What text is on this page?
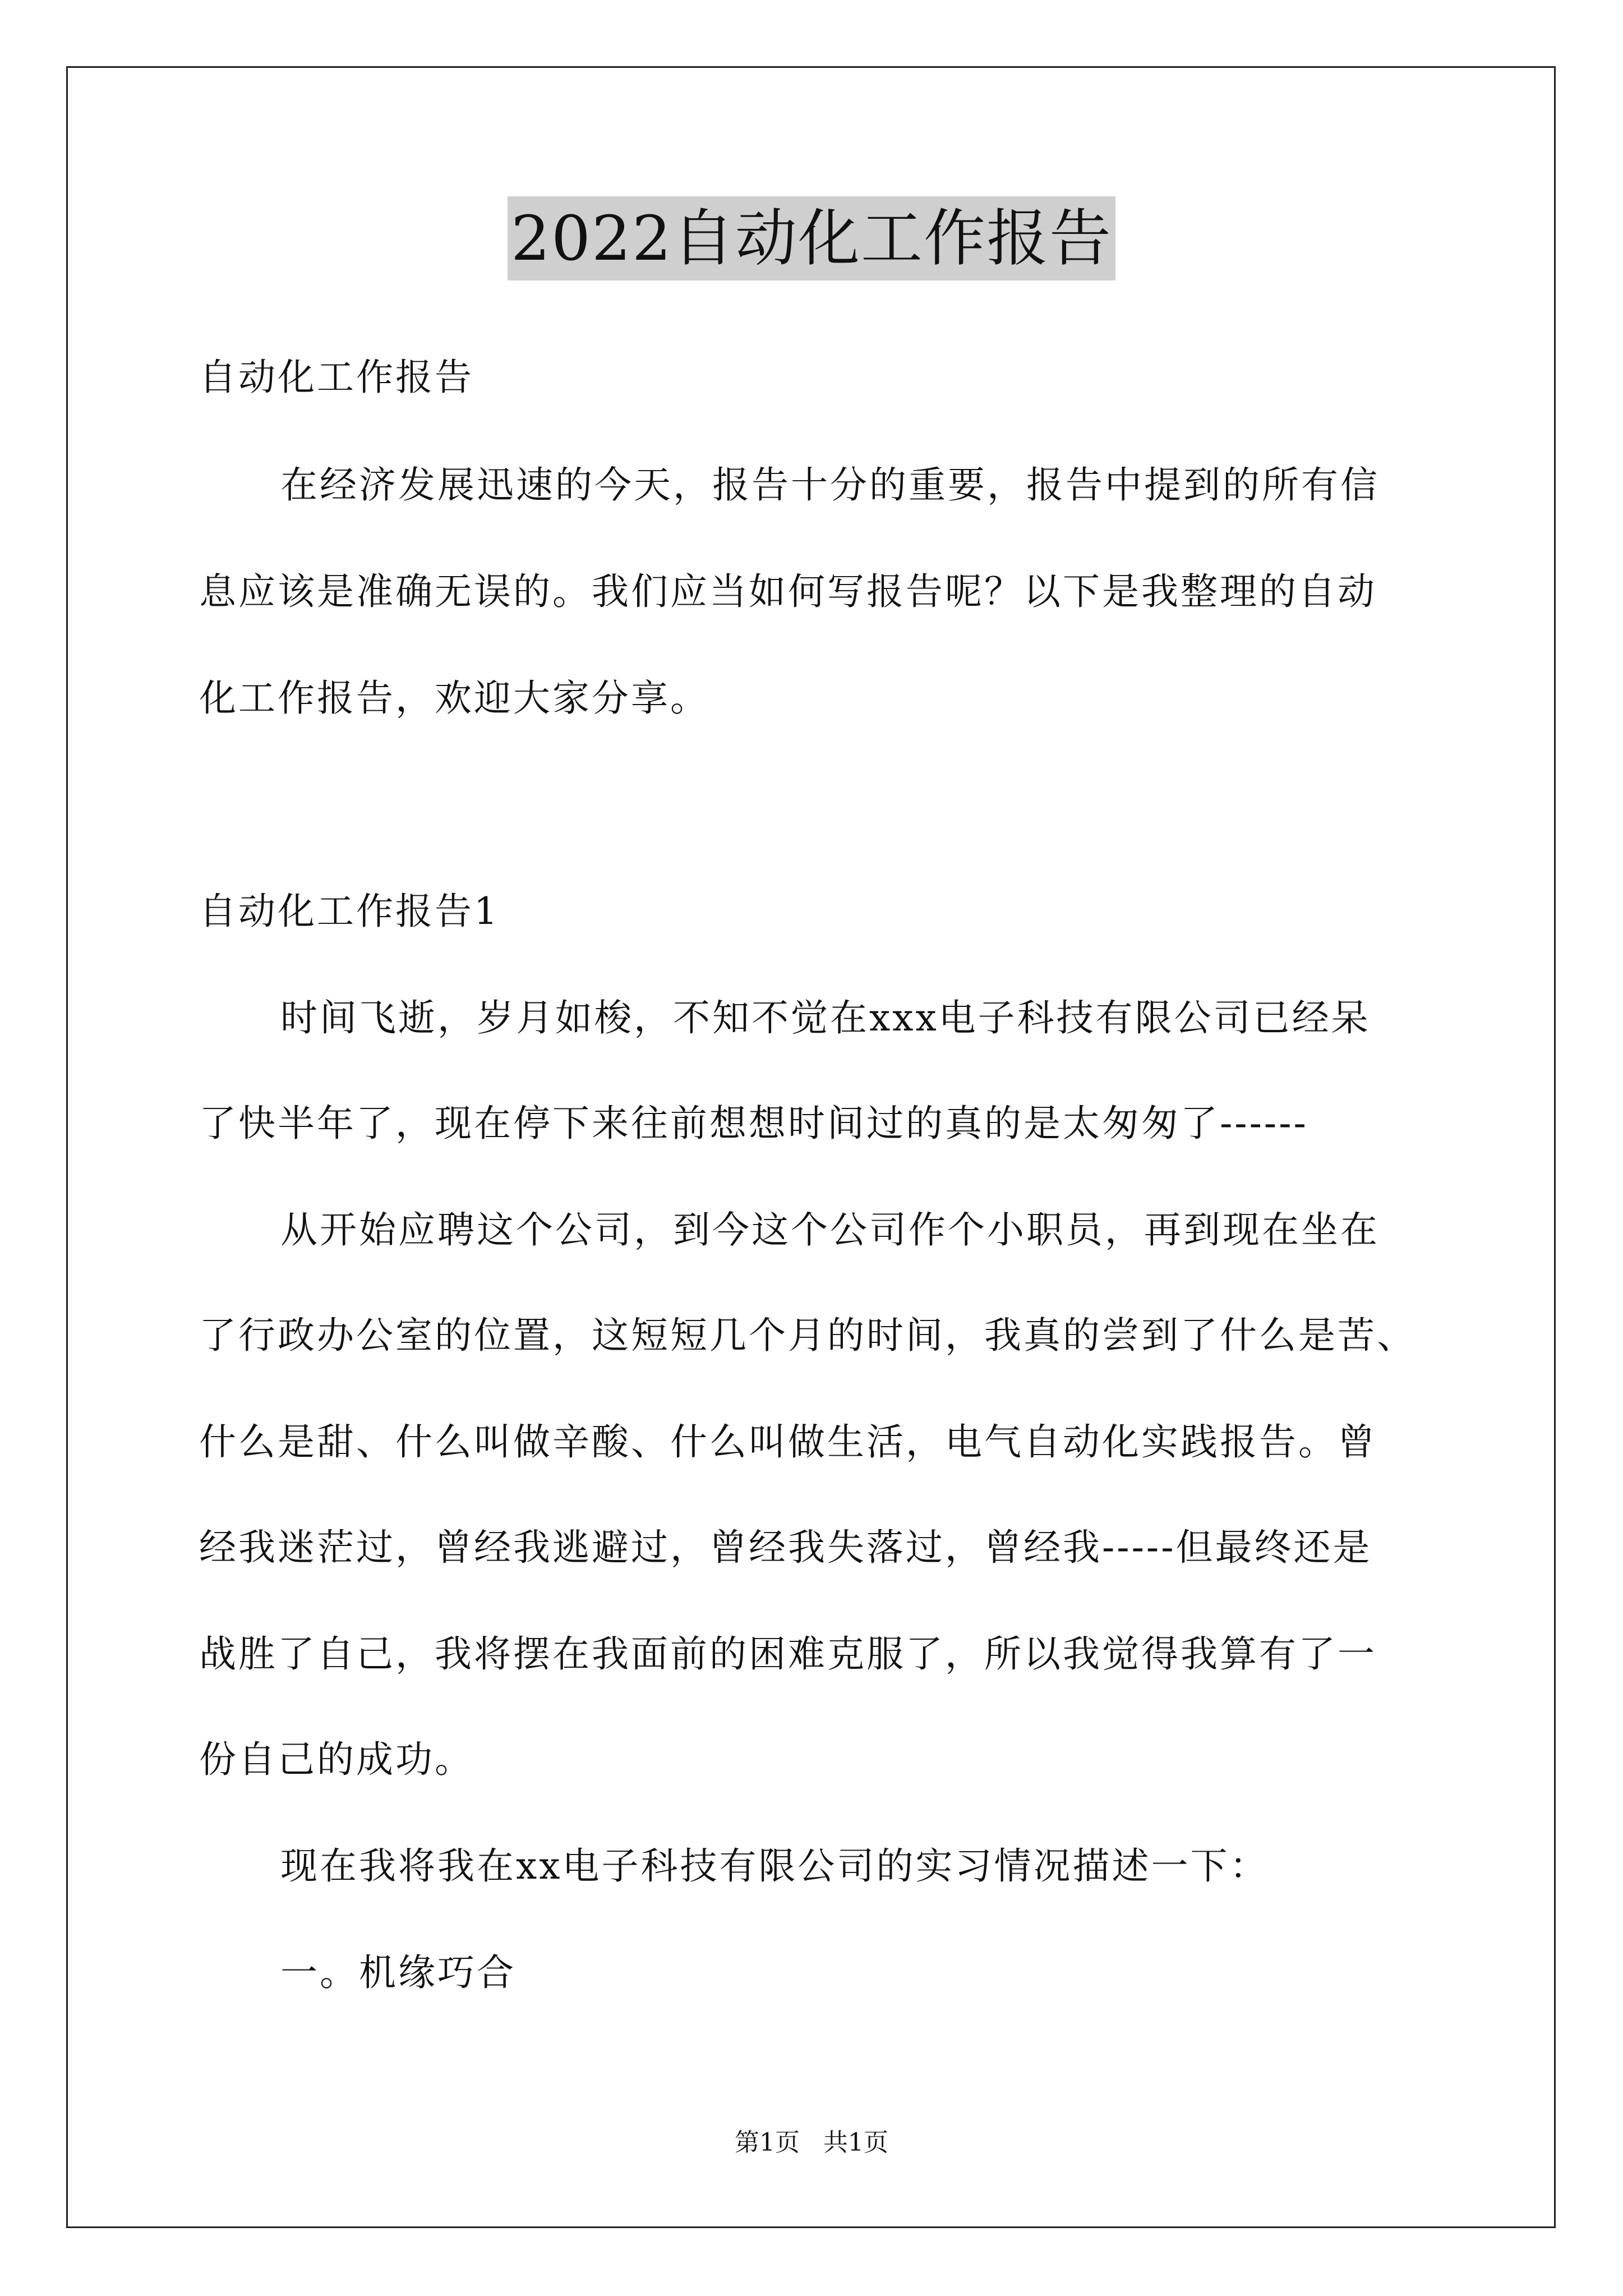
2022自动化工作报告
自动化工作报告
在经济发展迅速的今天，报告十分的重要，报告中提到的所有信
息应该是准确无误的。我们应当如何写报告呢？以下是我整理的自动
化工作报告，欢迎大家分享。
自动化工作报告1
时间飞逝，岁月如梭，不知不觉在xxx电子科技有限公司已经呆
了快半年了，现在停下来往前想想时间过的真的是太匆匆了------
从开始应聘这个公司，到今这个公司作个小职员，再到现在坐在
了行政办公室的位置，这短短几个月的时间，我真的尝到了什么是苦、
什么是甜、什么叫做辛酸、什么叫做生活，电气自动化实践报告。曾
经我迷茫过，曾经我逃避过，曾经我失落过，曾经我-----但最终还是
战胜了自己，我将摆在我面前的困难克服了，所以我觉得我算有了一
份自己的成功。
现在我将我在xx电子科技有限公司的实习情况描述一下：
一。机缘巧合
第1页 共1页
